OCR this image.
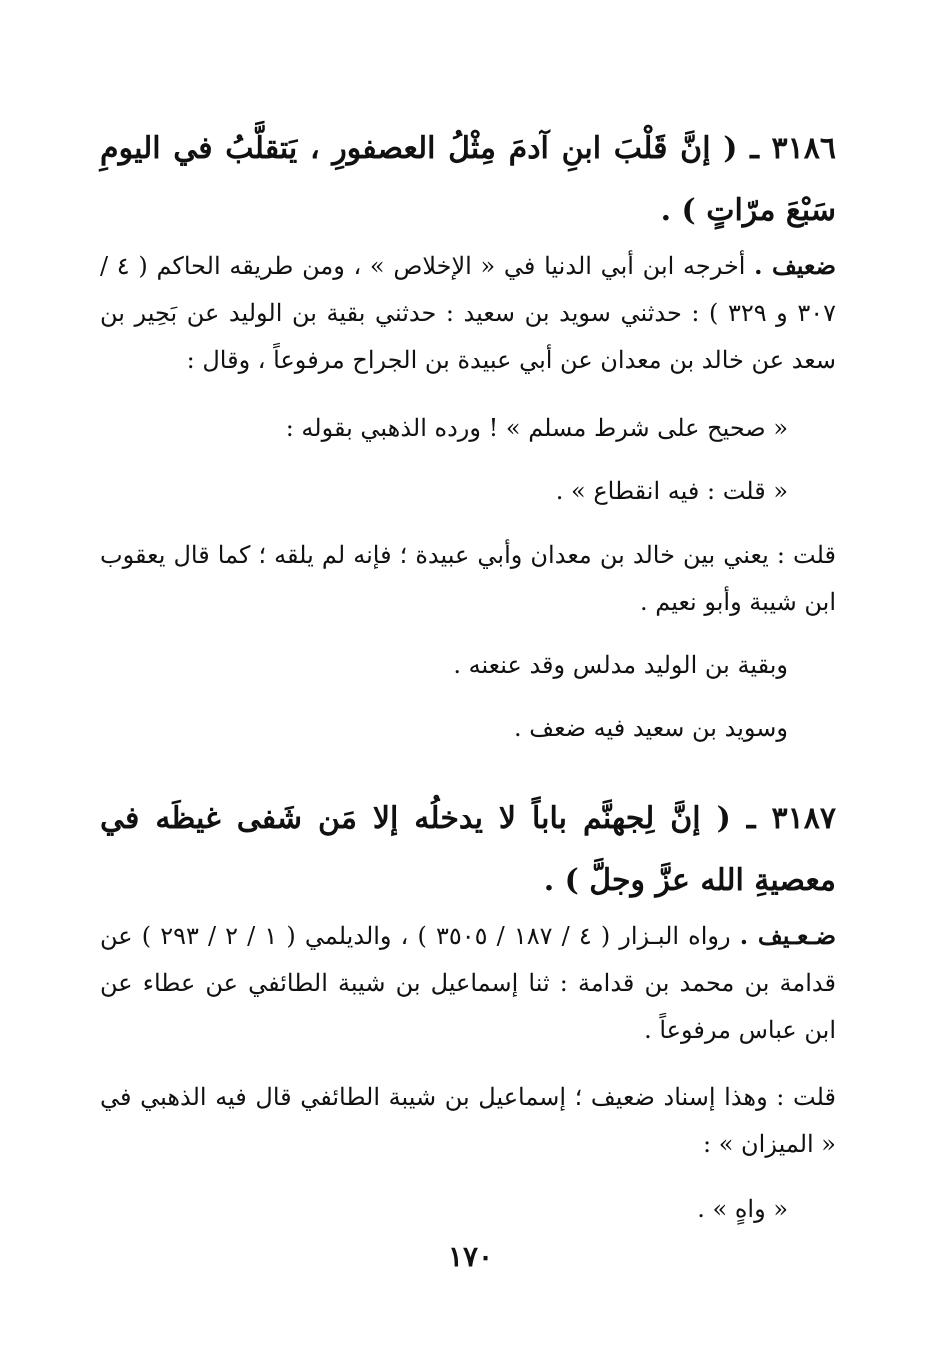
٣١٨٦ ـ ( إنَّ قَلْبَ ابنِ آدمَ مِثْلُ العصفورِ ، يَتقلَّبُ في اليومِ سَبْعَ مرّاتٍ ) .
ضعيف . أخرجه ابن أبي الدنيا في « الإخلاص » ، ومن طريقه الحاكم ( ٤ / ٣٠٧ و ٣٢٩ ) : حدثني سويد بن سعيد : حدثني بقية بن الوليد عن بَحِير بن سعد عن خالد بن معدان عن أبي عبيدة بن الجراح مرفوعاً ، وقال :
« صحيح على شرط مسلم » ! ورده الذهبي بقوله :
« قلت : فيه انقطاع » .
قلت : يعني بين خالد بن معدان وأبي عبيدة ؛ فإنه لم يلقه ؛ كما قال يعقوب ابن شيبة وأبو نعيم .
وبقية بن الوليد مدلس وقد عنعنه .
وسويد بن سعيد فيه ضعف .
٣١٨٧ ـ ( إنَّ لِجهنَّم باباً لا يدخلُه إلا مَن شَفى غيظَه في معصيةِ الله عزَّ وجلَّ ) .
ضـعـيف . رواه البـزار ( ٤ / ١٨٧ / ٣٥٠٥ ) ، والديلمي ( ١ / ٢ / ٢٩٣ ) عن قدامة بن محمد بن قدامة : ثنا إسماعيل بن شيبة الطائفي عن عطاء عن ابن عباس مرفوعاً .
قلت : وهذا إسناد ضعيف ؛ إسماعيل بن شيبة الطائفي قال فيه الذهبي في « الميزان » :
« واهٍ » .
١٧٠
